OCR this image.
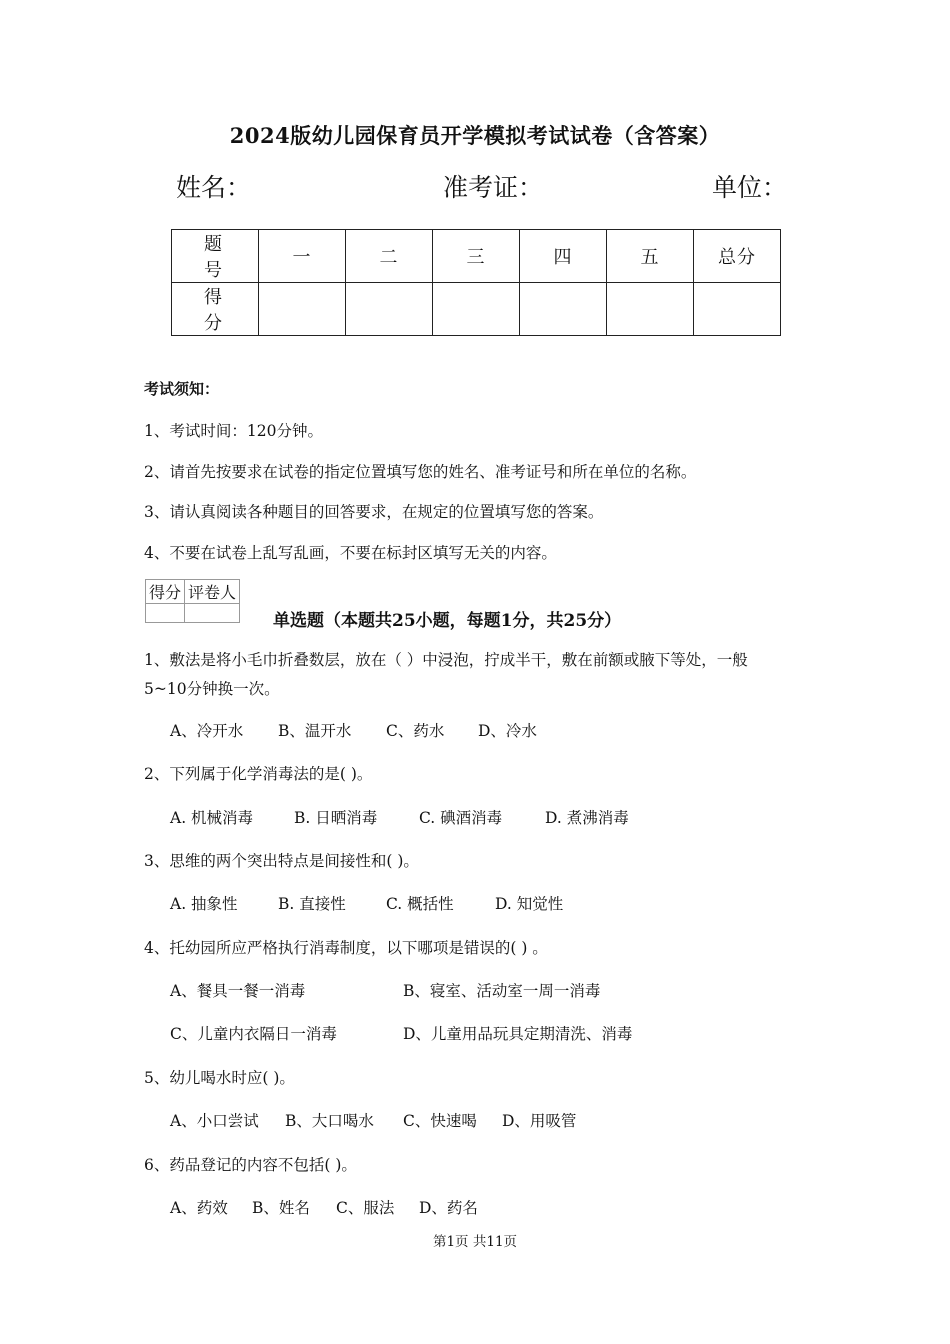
2024版幼儿园保育员开学模拟考试试卷（含答案）
姓名：	准考证：	单位：
题 号	一	二	三	四	五	总分
得 分						
考试须知：
1、考试时间：120分钟。
2、请首先按要求在试卷的指定位置填写您的姓名、准考证号和所在单位的名称。
3、请认真阅读各种题目的回答要求，在规定的位置填写您的答案。
4、不要在试卷上乱写乱画，不要在标封区填写无关的内容。
得分	评卷人

单选题（本题共25小题，每题1分，共25分）
1、敷法是将小毛巾折叠数层，放在（ ）中浸泡，拧成半干，敷在前额或腋下等处，一般
5~10分钟换一次。
A、冷开水 B、温开水 C、药水 D、冷水
2、下列属于化学消毒法的是( )。
A. 机械消毒	B. 日晒消毒	C. 碘酒消毒	D. 煮沸消毒
3、思维的两个突出特点是间接性和( )。
A. 抽象性	B. 直接性	C. 概括性	D. 知觉性
4、托幼园所应严格执行消毒制度，以下哪项是错误的( ) 。
A、餐具一餐一消毒	B、寝室、活动室一周一消毒
C、儿童内衣隔日一消毒	D、儿童用品玩具定期清洗、消毒
5、幼儿喝水时应( )。
A、小口尝试 B、大口喝水 C、快速喝 D、用吸管
6、药品登记的内容不包括( )。
A、药效 B、姓名 C、服法 D、药名
第1页 共11页
